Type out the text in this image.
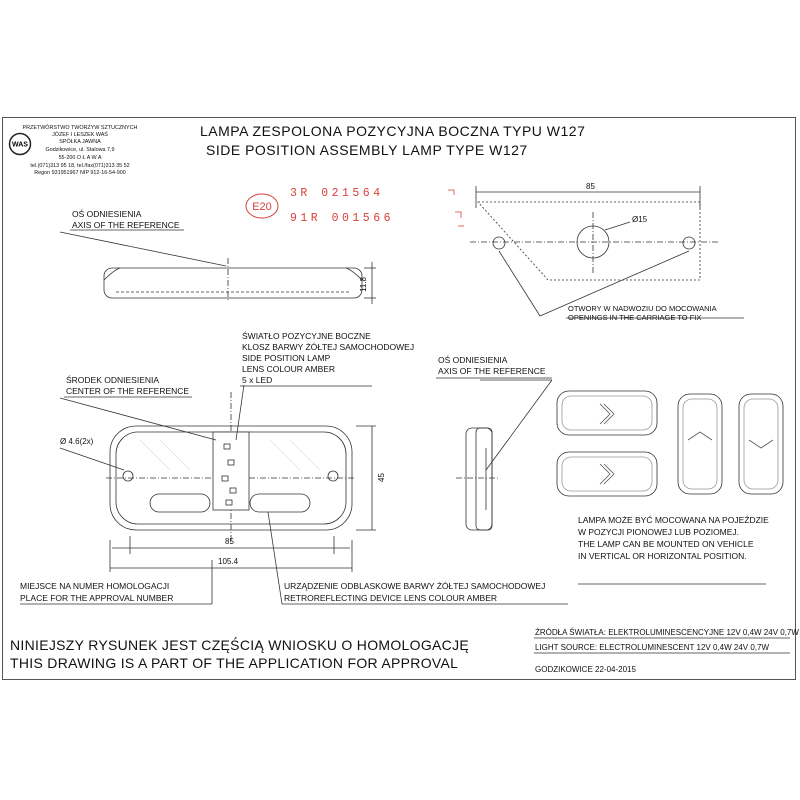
WAS
PRZETWÓRSTWO TWORZYW SZTUCZNYCH
JÓZEF I LESZEK WAŚ
SPÓŁKA JAWNA
Godzikowice, ul. Stalowa 7,9
55-200 O Ł A W A
tel.(071)313 95 18, tel./fax(071)313 35 52
Regon 931951967 NIP 912-16-54-900
LAMPA ZESPOLONA POZYCYJNA BOCZNA TYPU W127
SIDE POSITION ASSEMBLY LAMP TYPE W127
E20
3R 021564
91R 001566
85
Ø15
11.8
Ø 4.6(2x)
45
85
105.4
OŚ ODNIESIENIA
AXIS OF THE REFERENCE
OTWORY W NADWOZIU DO MOCOWANIA
OPENINGS IN THE CARRIAGE TO FIX
ŚWIATŁO POZYCYJNE BOCZNE
KLOSZ BARWY ŻÓŁTEJ SAMOCHODOWEJ
SIDE POSITION LAMP
LENS COLOUR AMBER
5 x LED
ŚRODEK ODNIESIENIA
CENTER OF THE REFERENCE
OŚ ODNIESIENIA
AXIS OF THE REFERENCE
MIEJSCE NA NUMER HOMOLOGACJI
PLACE FOR THE APPROVAL NUMBER
URZĄDZENIE ODBLASKOWE BARWY ŻÓŁTEJ SAMOCHODOWEJ
RETROREFLECTING DEVICE LENS COLOUR AMBER
LAMPA MOŻE BYĆ MOCOWANA NA POJEŹDZIE
W POZYCJI PIONOWEJ LUB POZIOMEJ.
THE LAMP CAN BE MOUNTED ON VEHICLE
IN VERTICAL OR HORIZONTAL POSITION.
NINIEJSZY RYSUNEK JEST CZĘŚCIĄ WNIOSKU O HOMOLOGACJĘ
THIS DRAWING IS A PART OF THE APPLICATION FOR APPROVAL
ŹRÓDŁA ŚWIATŁA: ELEKTROLUMINESCENCYJNE 12V 0,4W 24V 0,7W
LIGHT SOURCE: ELECTROLUMINESCENT 12V 0,4W 24V 0,7W
GODZIKOWICE 22-04-2015
